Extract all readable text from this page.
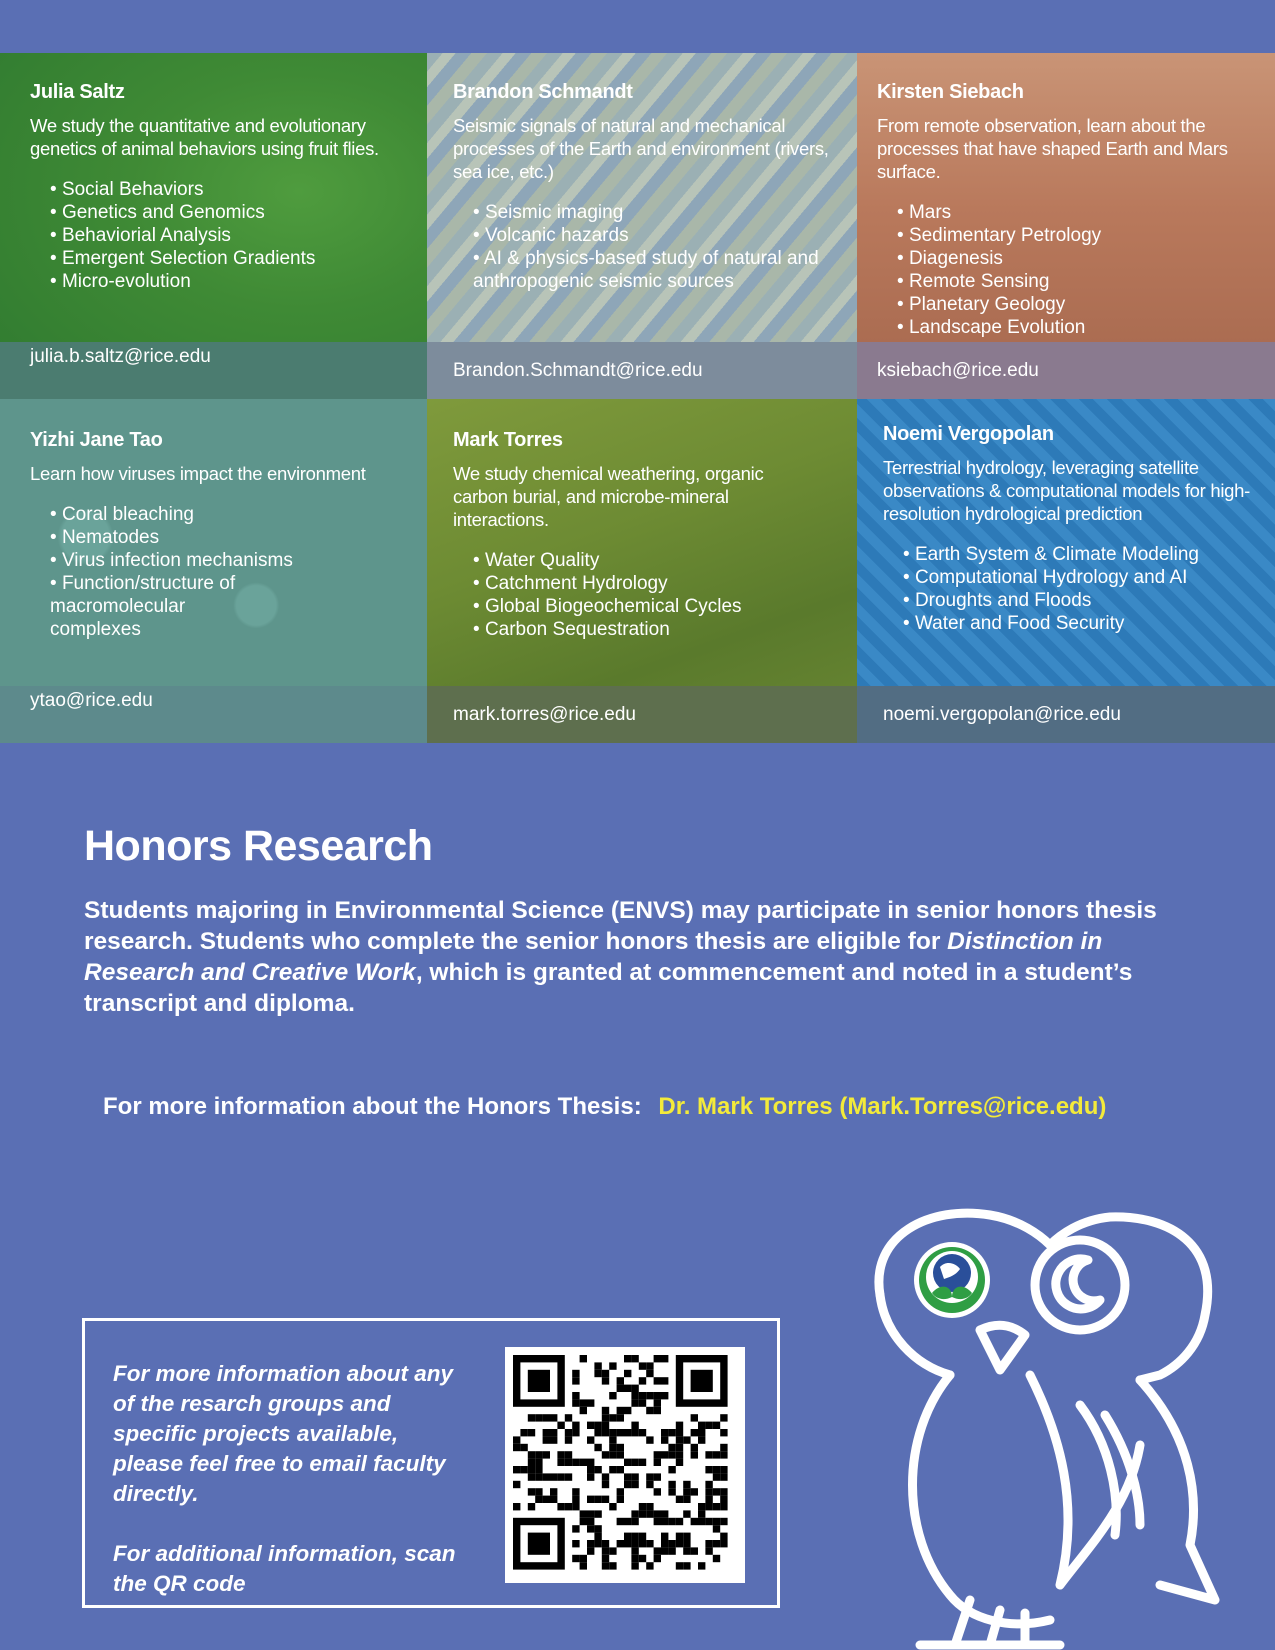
Julia Saltz

We study the quantitative and evolutionary genetics of animal behaviors using fruit flies.

• Social Behaviors
• Genetics and Genomics
• Behaviorial Analysis
• Emergent Selection Gradients
• Micro-evolution
julia.b.saltz@rice.edu
Brandon Schmandt

Seismic signals of natural and mechanical processes of the Earth and environment (rivers, sea ice, etc.)

• Seismic imaging
• Volcanic hazards
• AI & physics-based study of natural and anthropogenic seismic sources
Brandon.Schmandt@rice.edu
Kirsten Siebach

From remote observation, learn about the processes that have shaped Earth and Mars surface.

• Mars
• Sedimentary Petrology
• Diagenesis
• Remote Sensing
• Planetary Geology
• Landscape Evolution
ksiebach@rice.edu
Yizhi Jane Tao

Learn how viruses impact the environment

• Coral bleaching
• Nematodes
• Virus infection mechanisms
• Function/structure of macromolecular complexes
ytao@rice.edu
Mark Torres

We study chemical weathering, organic carbon burial, and microbe-mineral interactions.

• Water Quality
• Catchment Hydrology
• Global Biogeochemical Cycles
• Carbon Sequestration
mark.torres@rice.edu
Noemi Vergopolan

Terrestrial hydrology, leveraging satellite observations & computational models for high-resolution hydrological prediction

• Earth System & Climate Modeling
• Computational Hydrology and AI
• Droughts and Floods
• Water and Food Security
noemi.vergopolan@rice.edu
Honors Research

Students majoring in Environmental Science (ENVS) may participate in senior honors thesis research. Students who complete the senior honors thesis are eligible for Distinction in Research and Creative Work, which is granted at commencement and noted in a student’s transcript and diploma.

For more information about the Honors Thesis: Dr. Mark Torres (Mark.Torres@rice.edu)

For more information about any of the resarch groups and specific projects available, please feel free to email faculty directly.

For additional information, scan the QR code
